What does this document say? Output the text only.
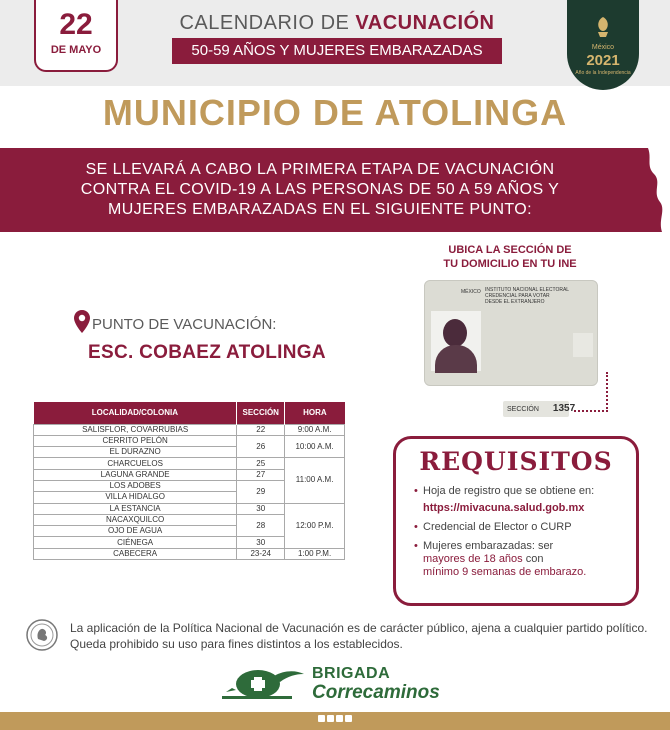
22
DE MAYO
CALENDARIO DE VACUNACIÓN
50-59 AÑOS Y MUJERES EMBARAZADAS	México
2021
Año de la Independencia
MUNICIPIO DE ATOLINGA
SE LLEVARÁ A CABO LA PRIMERA ETAPA DE VACUNACIÓN
CONTRA EL COVID-19 A LAS PERSONAS DE 50 A 59 AÑOS Y
MUJERES EMBARAZADAS EN EL SIGUIENTE PUNTO:
UBICA LA SECCIÓN DE
TU DOMICILIO EN TU INE
MÉXICO INSTITUTO NACIONAL ELECTORAL
CREDENCIAL PARA VOTAR
DESDE EL EXTRANJERO
SECCIÓN 1357
PUNTO DE VACUNACIÓN:
ESC. COBAEZ ATOLINGA
LOCALIDAD/COLONIA	SECCIÓN	HORA
SALISFLOR, COVARRUBIAS	22	9:00 A.M.
CERRITO PELÓN	26	10:00 A.M.
EL DURAZNO		
CHARCUELOS	25	11:00 A.M.
LAGUNA GRANDE	27	
LOS ADOBES	29	
VILLA HIDALGO		
LA ESTANCIA	30	12:00 P.M.
NACAXQUILCO	28	
OJO DE AGUA		
CIÉNEGA	30	
CABECERA	23-24	1:00 P.M.
REQUISITOS
• Hoja de registro que se obtiene en:
https://mivacuna.salud.gob.mx
• Credencial de Elector o CURP
• Mujeres embarazadas: ser
mayores de 18 años con
mínimo 9 semanas de embarazo.
La aplicación de la Política Nacional de Vacunación es de carácter público, ajena a cualquier partido político. Queda prohibido su uso para fines distintos a los establecidos.
BRIGADA
Correcaminos
